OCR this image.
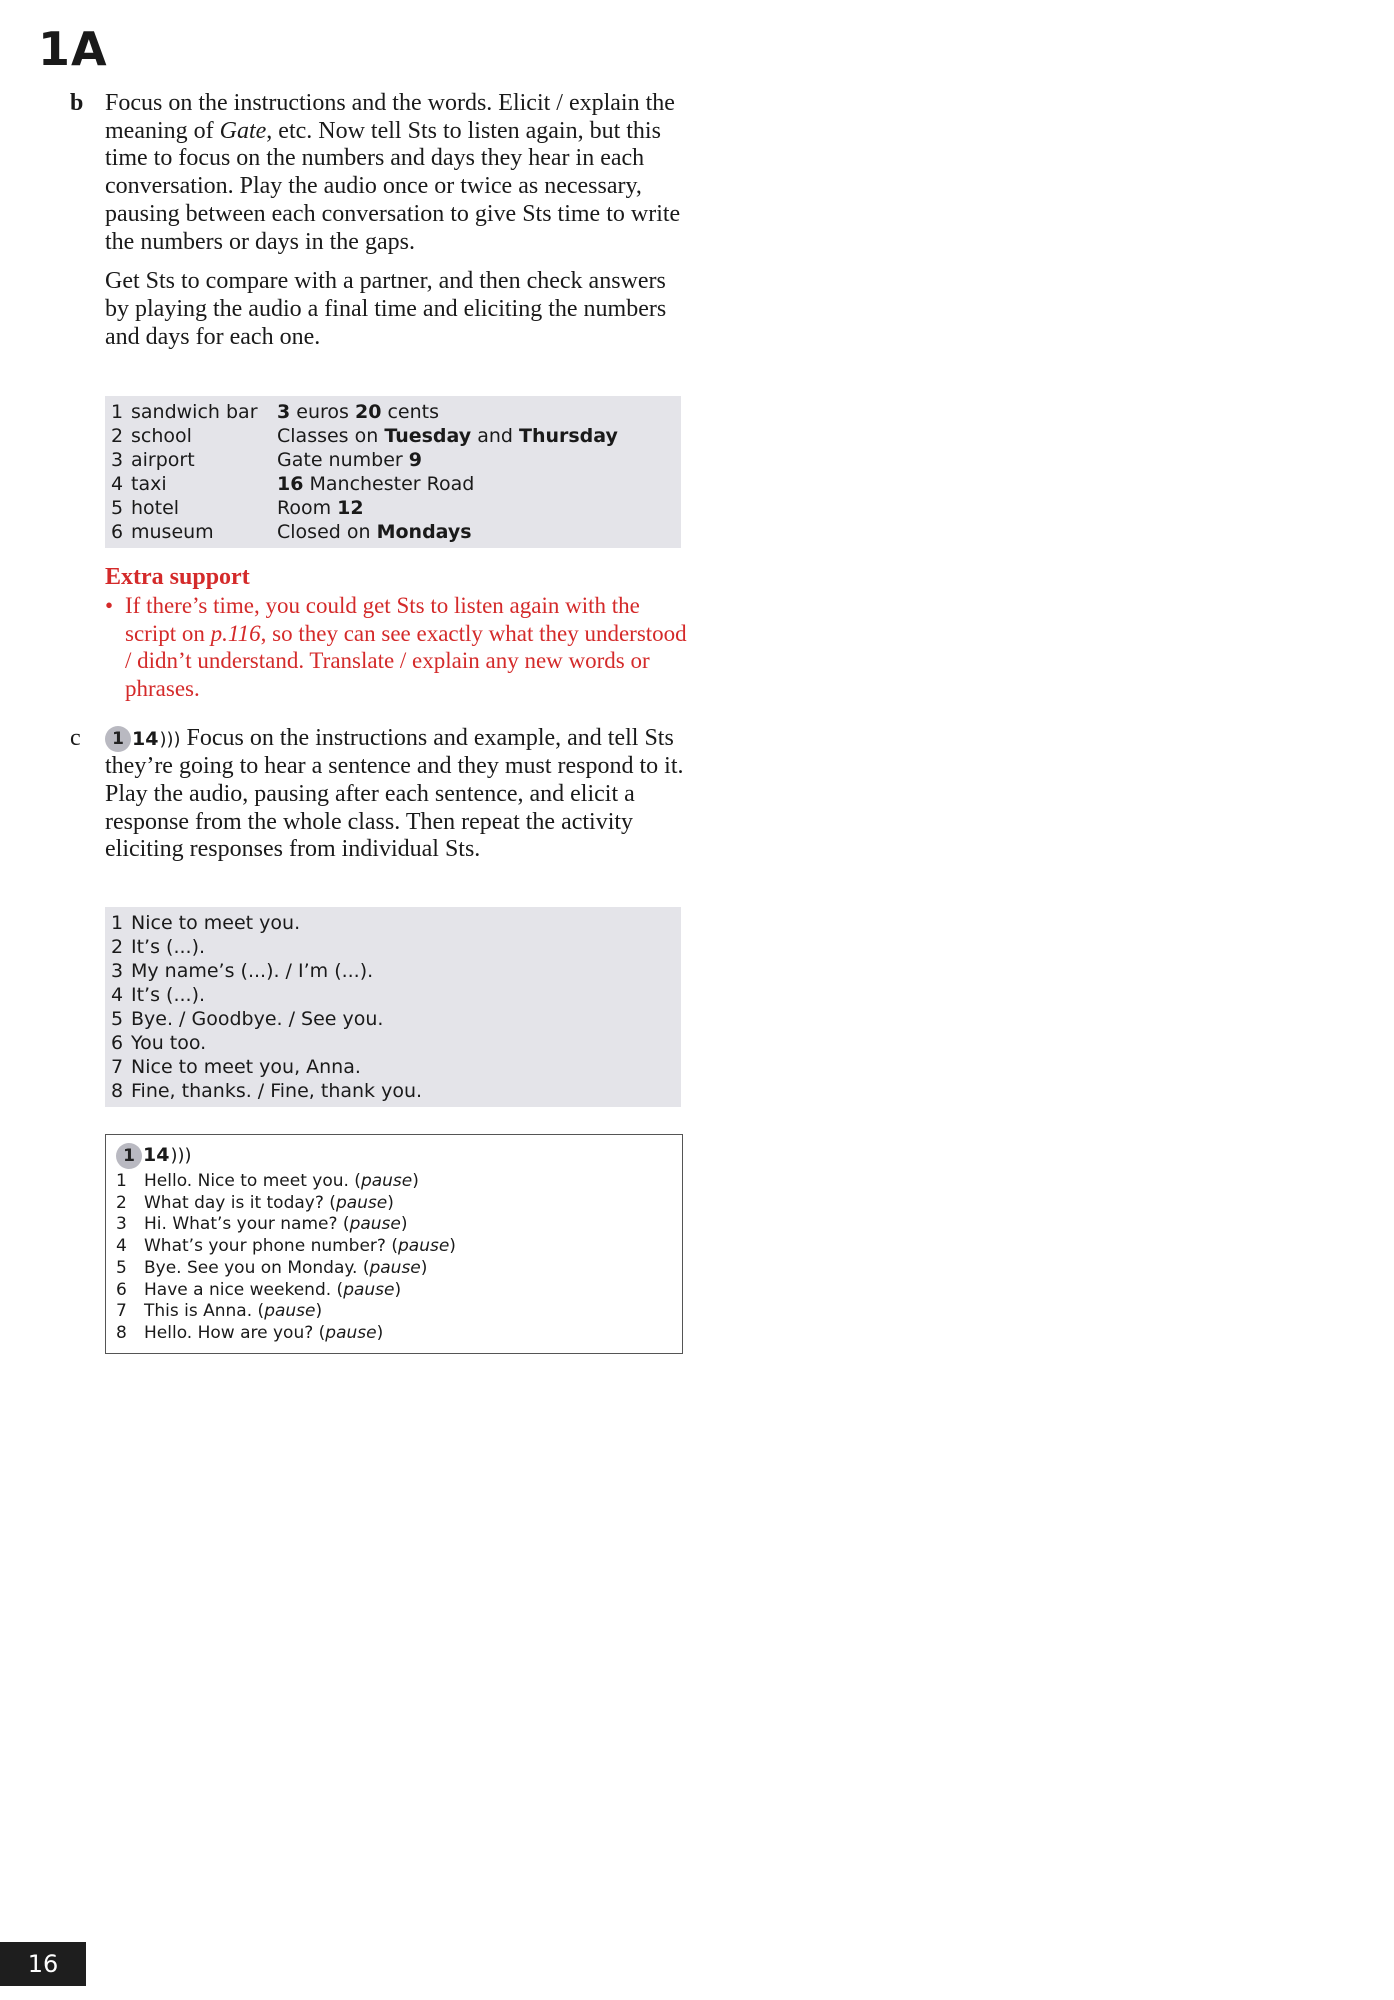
1A
b Focus on the instructions and the words. Elicit / explain the meaning of Gate, etc. Now tell Sts to listen again, but this time to focus on the numbers and days they hear in each conversation. Play the audio once or twice as necessary, pausing between each conversation to give Sts time to write the numbers or days in the gaps.

Get Sts to compare with a partner, and then check answers by playing the audio a final time and eliciting the numbers and days for each one.

1 sandwich bar	3 euros 20 cents
2 school	Classes on Tuesday and Thursday
3 airport	Gate number 9
4 taxi	16 Manchester Road
5 hotel	Room 12
6 museum	Closed on Mondays
Extra support
• If there’s time, you could get Sts to listen again with the script on p.116, so they can see exactly what they understood / didn’t understand. Translate / explain any new words or phrases.
c	1 14 ))) Focus on the instructions and example, and tell Sts they’re going to hear a sentence and they must respond to it. Play the audio, pausing after each sentence, and elicit a response from the whole class. Then repeat the activity eliciting responses from individual Sts.
1 Nice to meet you.
2 It’s (...).
3 My name’s (...). / I’m (...).
4 It’s (...).
5 Bye. / Goodbye. / See you.
6 You too.
7 Nice to meet you, Anna.
8 Fine, thanks. / Fine, thank you.
1 14 )))
1	Hello. Nice to meet you. (pause)
2	What day is it today? (pause)
3	Hi. What’s your name? (pause)
4	What’s your phone number? (pause)
5	Bye. See you on Monday. (pause)
6	Have a nice weekend. (pause)
7	This is Anna. (pause)
8	Hello. How are you? (pause)
16
